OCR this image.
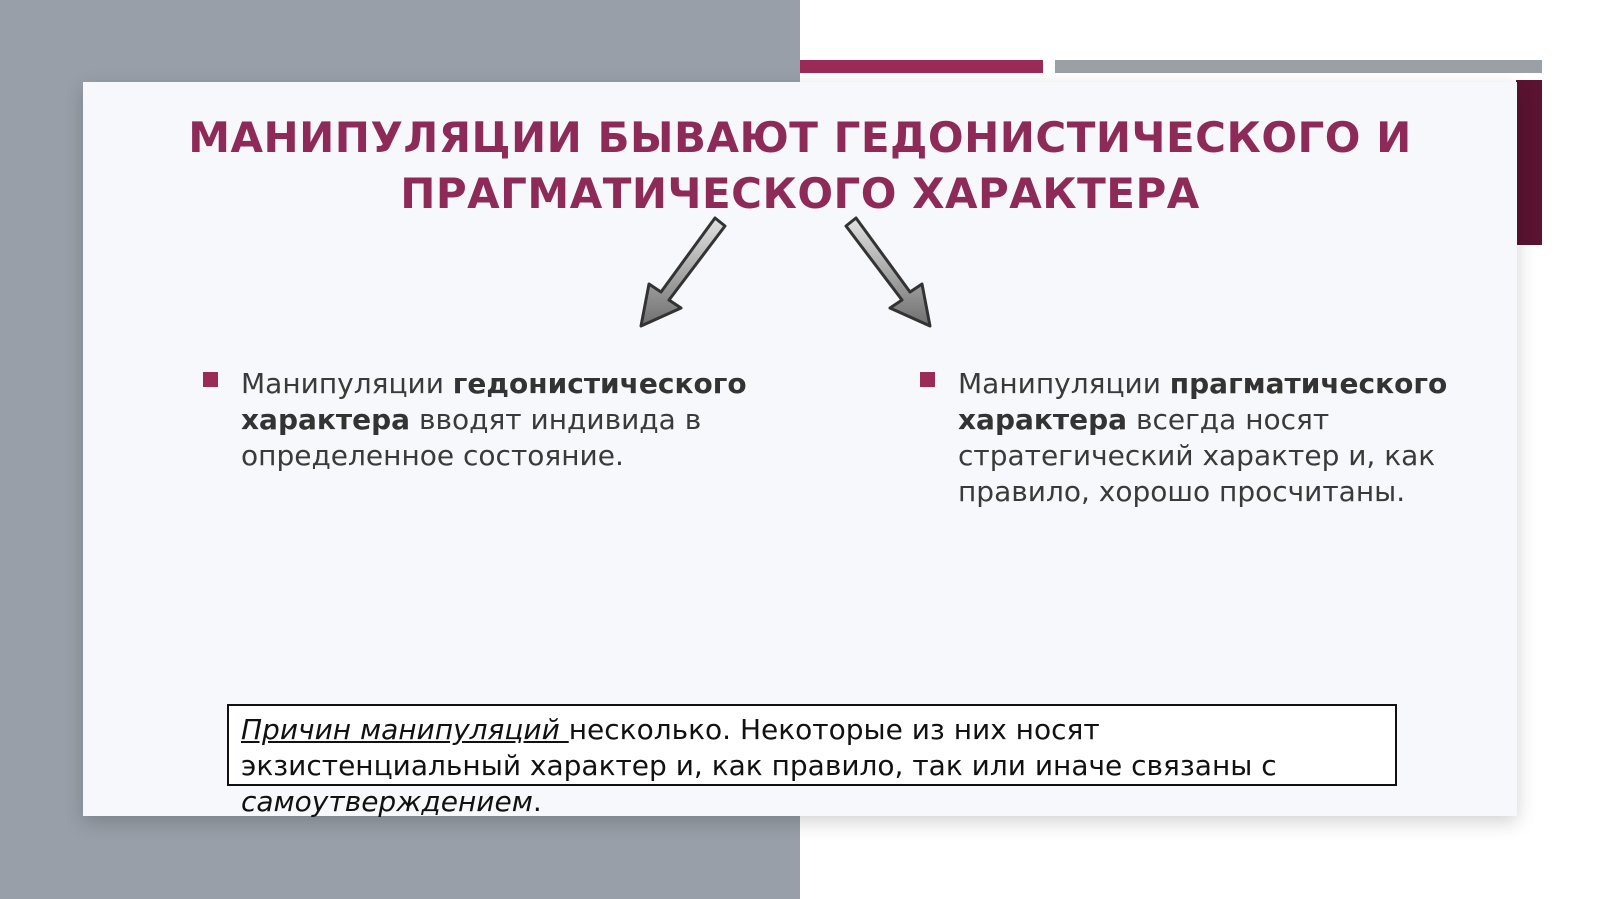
МАНИПУЛЯЦИИ БЫВАЮТ ГЕДОНИСТИЧЕСКОГО И
ПРАГМАТИЧЕСКОГО ХАРАКТЕРА

Манипуляции гедонистического характера вводят индивида в определенное состояние.

Манипуляции прагматического характера всегда носят стратегический характер и, как правило, хорошо просчитаны.

Причин манипуляций несколько. Некоторые из них носят экзистенциальный характер и, как правило, так или иначе связаны с самоутверждением.
